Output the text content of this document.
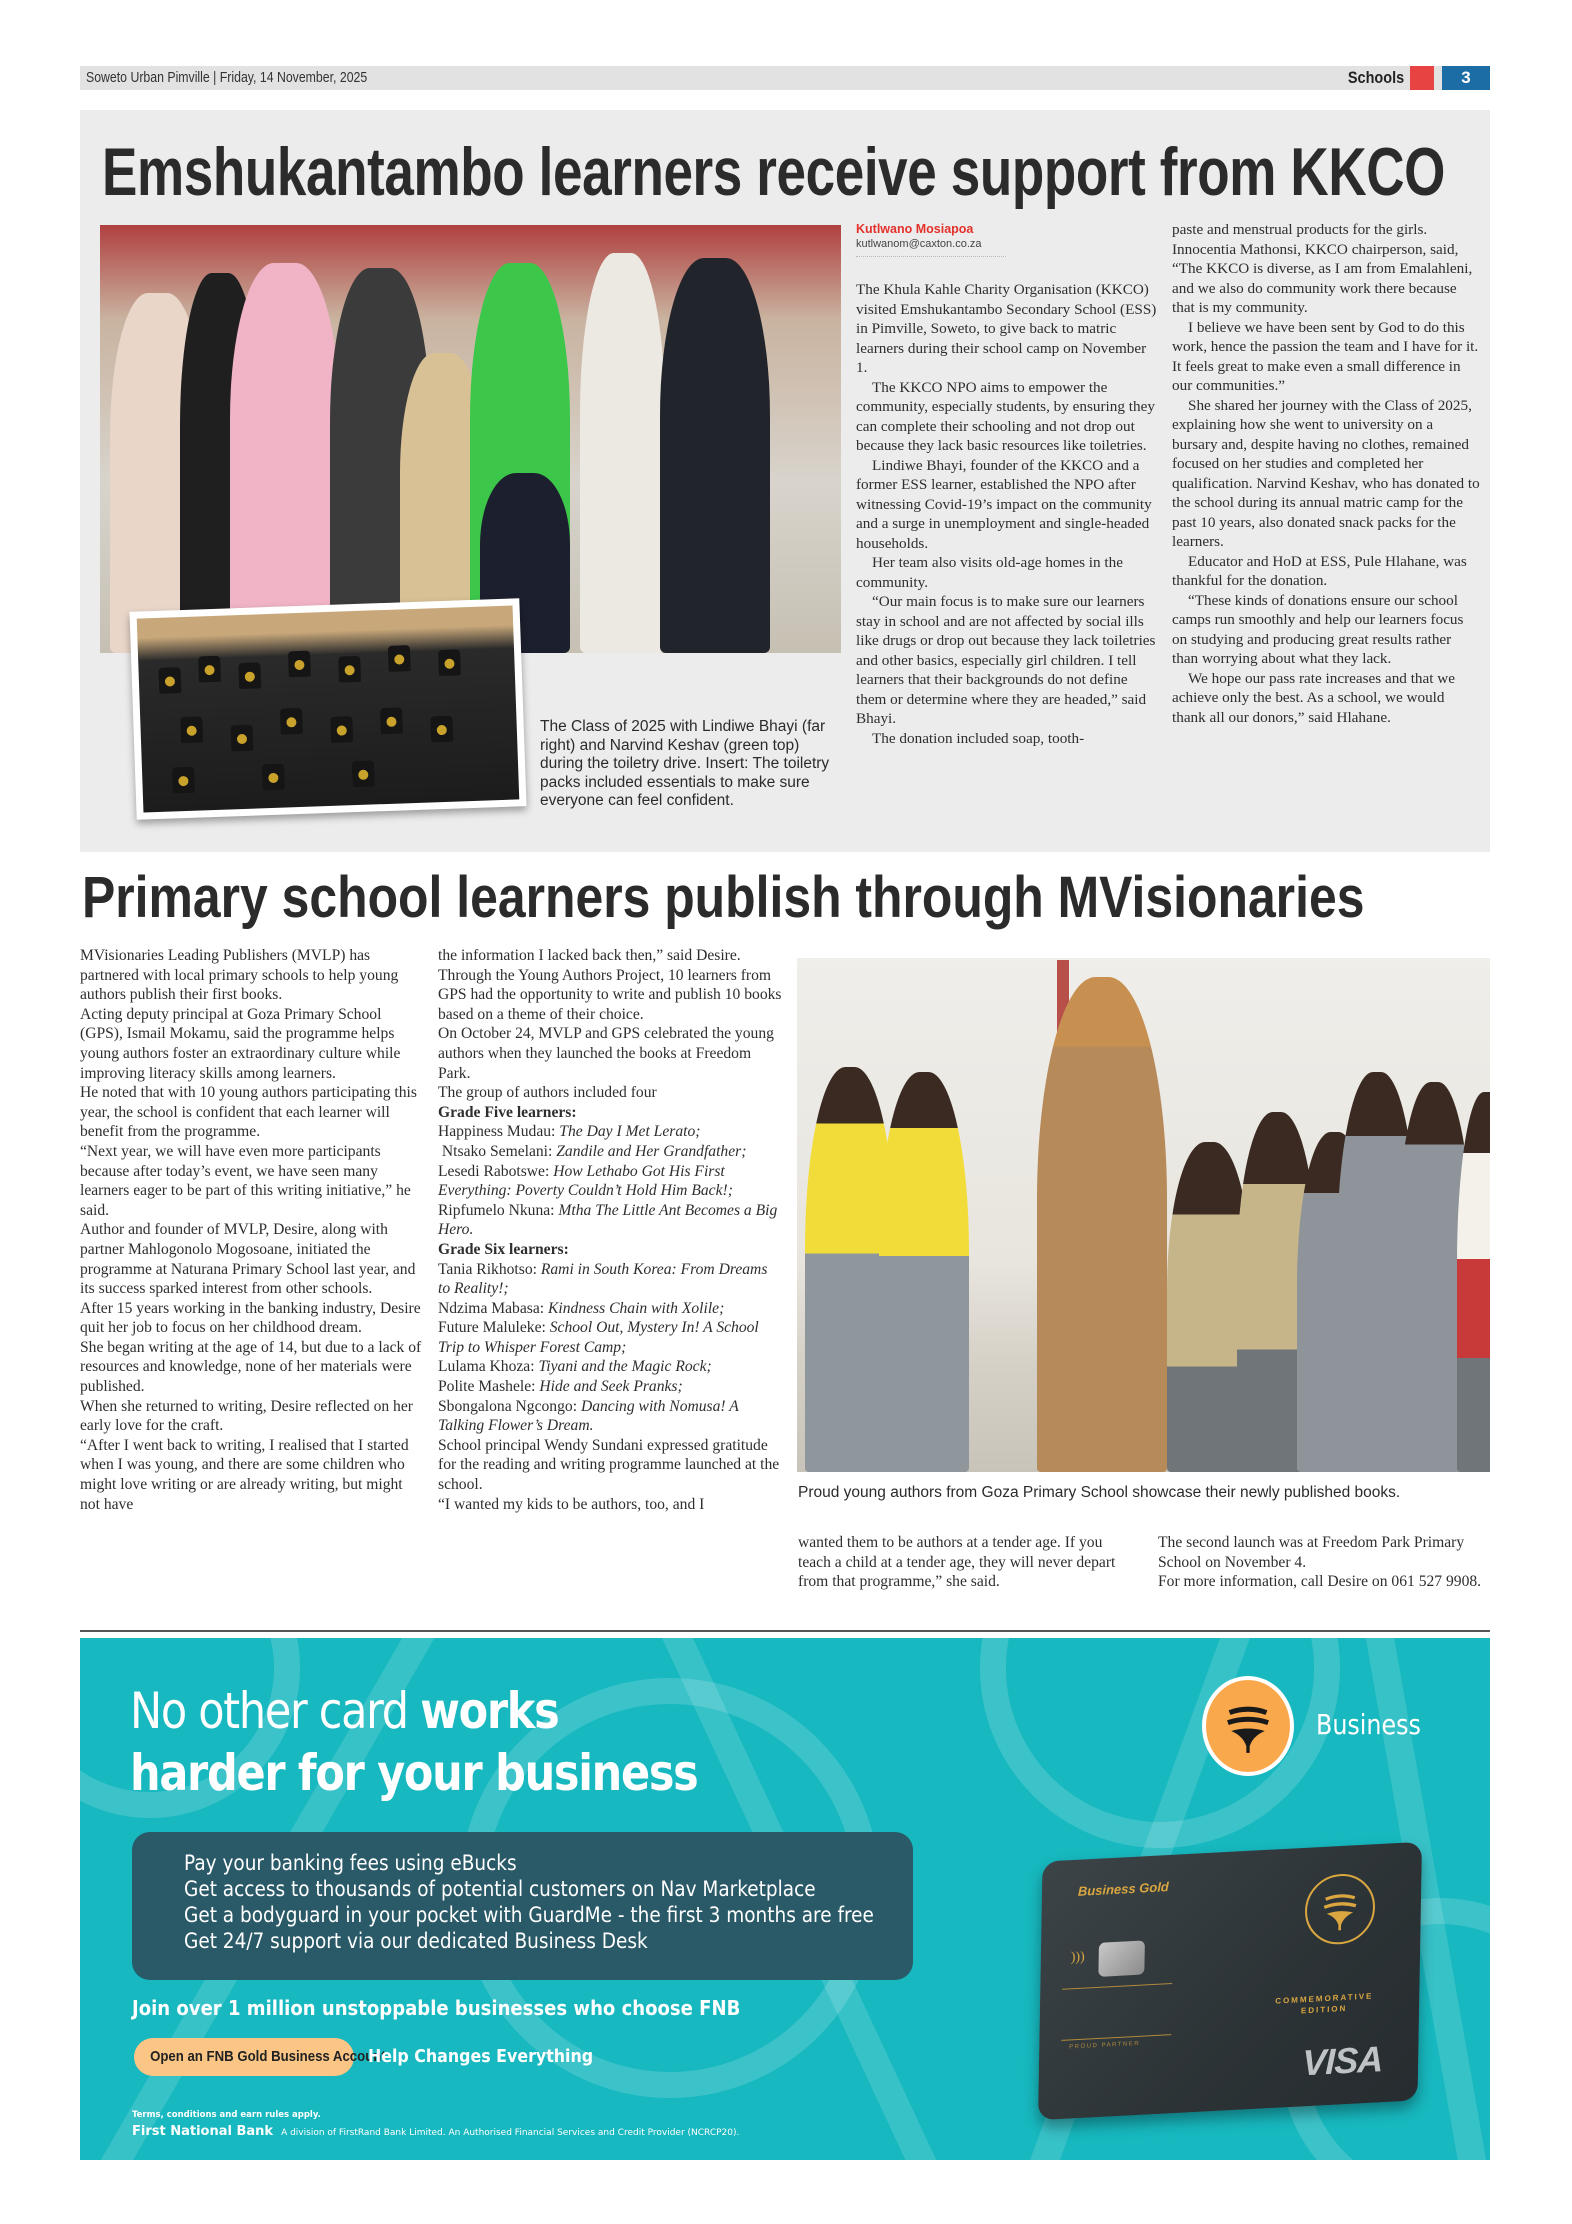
Soweto Urban Pimville | Friday, 14 November, 2025	Schools	3
Emshukantambo learners receive support from KKCO

The Class of 2025 with Lindiwe Bhayi (far right) and Narvind Keshav (green top) during the toiletry drive. Insert: The toiletry packs included essentials to make sure everyone can feel confident.

Kutlwano Mosiapoa
kutlwanom@caxton.co.za

The Khula Kahle Charity Organisation (KKCO) visited Emshukantambo Secondary School (ESS) in Pimville, Soweto, to give back to matric learners during their school camp on November 1.

The KKCO NPO aims to empower the community, especially students, by ensuring they can complete their schooling and not drop out because they lack basic resources like toiletries.

Lindiwe Bhayi, founder of the KKCO and a former ESS learner, established the NPO after witnessing Covid-19’s impact on the community and a surge in unemployment and single-headed households.

Her team also visits old-age homes in the community.

“Our main focus is to make sure our learners stay in school and are not affected by social ills like drugs or drop out because they lack toiletries and other basics, especially girl children. I tell learners that their backgrounds do not define them or determine where they are headed,” said Bhayi.

The donation included soap, tooth-

paste and menstrual products for the girls. Innocentia Mathonsi, KKCO chairperson, said, “The KKCO is diverse, as I am from Emalahleni, and we also do community work there because that is my community.

I believe we have been sent by God to do this work, hence the passion the team and I have for it. It feels great to make even a small difference in our communities.”

She shared her journey with the Class of 2025, explaining how she went to university on a bursary and, despite having no clothes, remained focused on her studies and completed her qualification. Narvind Keshav, who has donated to the school during its annual matric camp for the past 10 years, also donated snack packs for the learners.

Educator and HoD at ESS, Pule Hlahane, was thankful for the donation.

“These kinds of donations ensure our school camps run smoothly and help our learners focus on studying and producing great results rather than worrying about what they lack.

We hope our pass rate increases and that we achieve only the best. As a school, we would thank all our donors,” said Hlahane.

Primary school learners publish through MVisionaries

MVisionaries Leading Publishers (MVLP) has partnered with local primary schools to help young authors publish their first books.

Acting deputy principal at Goza Primary School (GPS), Ismail Mokamu, said the programme helps young authors foster an extraordinary culture while improving literacy skills among learners.

He noted that with 10 young authors participating this year, the school is confident that each learner will benefit from the programme.

“Next year, we will have even more participants because after today’s event, we have seen many learners eager to be part of this writing initiative,” he said.

Author and founder of MVLP, Desire, along with partner Mahlogonolo Mogosoane, initiated the programme at Naturana Primary School last year, and its success sparked interest from other schools.

After 15 years working in the banking industry, Desire quit her job to focus on her childhood dream.

She began writing at the age of 14, but due to a lack of resources and knowledge, none of her materials were published.

When she returned to writing, Desire reflected on her early love for the craft.

“After I went back to writing, I realised that I started when I was young, and there are some children who might love writing or are already writing, but might not have

the information I lacked back then,” said Desire.

Through the Young Authors Project, 10 learners from GPS had the opportunity to write and publish 10 books based on a theme of their choice.

On October 24, MVLP and GPS celebrated the young authors when they launched the books at Freedom Park.

The group of authors included four

Grade Five learners:

Happiness Mudau: The Day I Met Lerato;

Ntsako Semelani: Zandile and Her Grandfather;

Lesedi Rabotswe: How Lethabo Got His First Everything: Poverty Couldn’t Hold Him Back!;

Ripfumelo Nkuna: Mtha The Little Ant Becomes a Big Hero.

Grade Six learners:

Tania Rikhotso: Rami in South Korea: From Dreams to Reality!;

Ndzima Mabasa: Kindness Chain with Xolile;

Future Maluleke: School Out, Mystery In! A School Trip to Whisper Forest Camp;

Lulama Khoza: Tiyani and the Magic Rock;

Polite Mashele: Hide and Seek Pranks;

Sbongalona Ngcongo: Dancing with Nomusa! A Talking Flower’s Dream.

School principal Wendy Sundani expressed gratitude for the reading and writing programme launched at the school.

“I wanted my kids to be authors, too, and I

Proud young authors from Goza Primary School showcase their newly published books.

wanted them to be authors at a tender age. If you teach a child at a tender age, they will never depart from that programme,” she said.

The second launch was at Freedom Park Primary School on November 4.

For more information, call Desire on 061 527 9908.

No other card works
harder for your business
Business
Pay your banking fees using eBucks
Get access to thousands of potential customers on Nav Marketplace
Get a bodyguard in your pocket with GuardMe - the first 3 months are free
Get 24/7 support via our dedicated Business Desk
Join over 1 million unstoppable businesses who choose FNB
Open an FNB Gold Business Account
Help Changes Everything
Terms, conditions and earn rules apply.
First National Bank A division of FirstRand Bank Limited. An Authorised Financial Services and Credit Provider (NCRCP20).
Business Gold
)))
PROUD PARTNER
COMMEMORATIVE
EDITION
VISA
